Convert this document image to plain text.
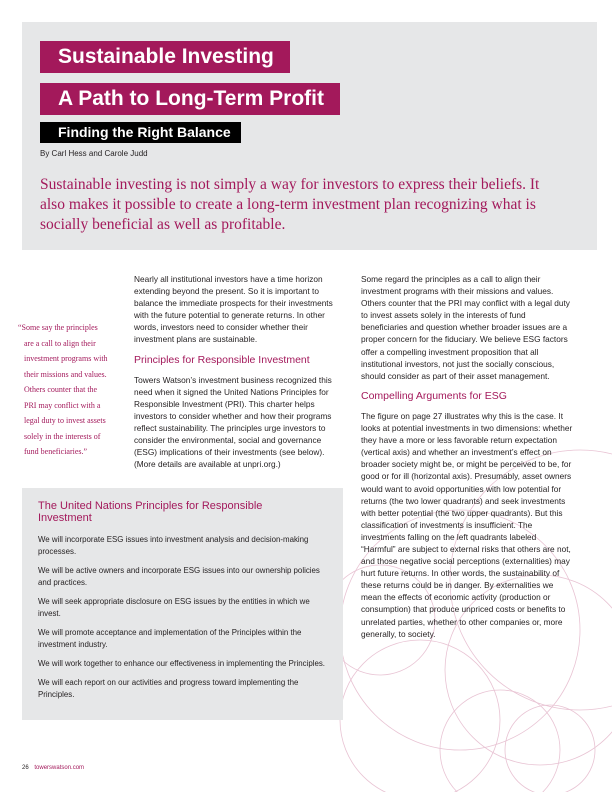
Sustainable Investing
A Path to Long-Term Profit
Finding the Right Balance
By Carl Hess and Carole Judd
Sustainable investing is not simply a way for investors to express their beliefs. It also makes it possible to create a long-term investment plan recognizing what is socially beneficial as well as profitable.
“Some say the principles
are a call to align their
investment programs with
their missions and values.
Others counter that the
PRI may conflict with a
legal duty to invest assets
solely in the interests of
fund beneficiaries.”

Nearly all institutional investors have a time horizon extending beyond the present. So it is important to balance the immediate prospects for their investments with the future potential to generate returns. In other words, investors need to consider whether their investment plans are sustainable.

Principles for Responsible Investment

Towers Watson’s investment business recognized this need when it signed the United Nations Principles for Responsible Investment (PRI). This charter helps investors to consider whether and how their programs reflect sustainability. The principles urge investors to consider the environmental, social and governance (ESG) implications of their investments (see below). (More details are available at unpri.org.)

Some regard the principles as a call to align their investment programs with their missions and values. Others counter that the PRI may conflict with a legal duty to invest assets solely in the interests of fund beneficiaries and question whether broader issues are a proper concern for the fiduciary. We believe ESG factors offer a compelling investment proposition that all institutional investors, not just the socially conscious, should consider as part of their asset management.

Compelling Arguments for ESG

The figure on page 27 illustrates why this is the case. It looks at potential investments in two dimensions: whether they have a more or less favorable return expectation (vertical axis) and whether an investment’s effect on broader society might be, or might be perceived to be, for good or for ill (horizontal axis). Presumably, asset owners would want to avoid opportunities with low potential for returns (the two lower quadrants) and seek investments with better potential (the two upper quadrants). But this classification of investments is insufficient. The investments falling on the left quadrants labeled “Harmful” are subject to external risks that others are not, and those negative social perceptions (externalities) may hurt future returns. In other words, the sustainability of these returns could be in danger. By externalities we mean the effects of economic activity (production or consumption) that produce unpriced costs or benefits to unrelated parties, whether to other companies or, more generally, to society.

The United Nations Principles for Responsible Investment

We will incorporate ESG issues into investment analysis and decision-making processes.

We will be active owners and incorporate ESG issues into our ownership policies and practices.

We will seek appropriate disclosure on ESG issues by the entities in which we invest.

We will promote acceptance and implementation of the Principles within the investment industry.

We will work together to enhance our effectiveness in implementing the Principles.

We will each report on our activities and progress toward implementing the Principles.

26 towerswatson.com
